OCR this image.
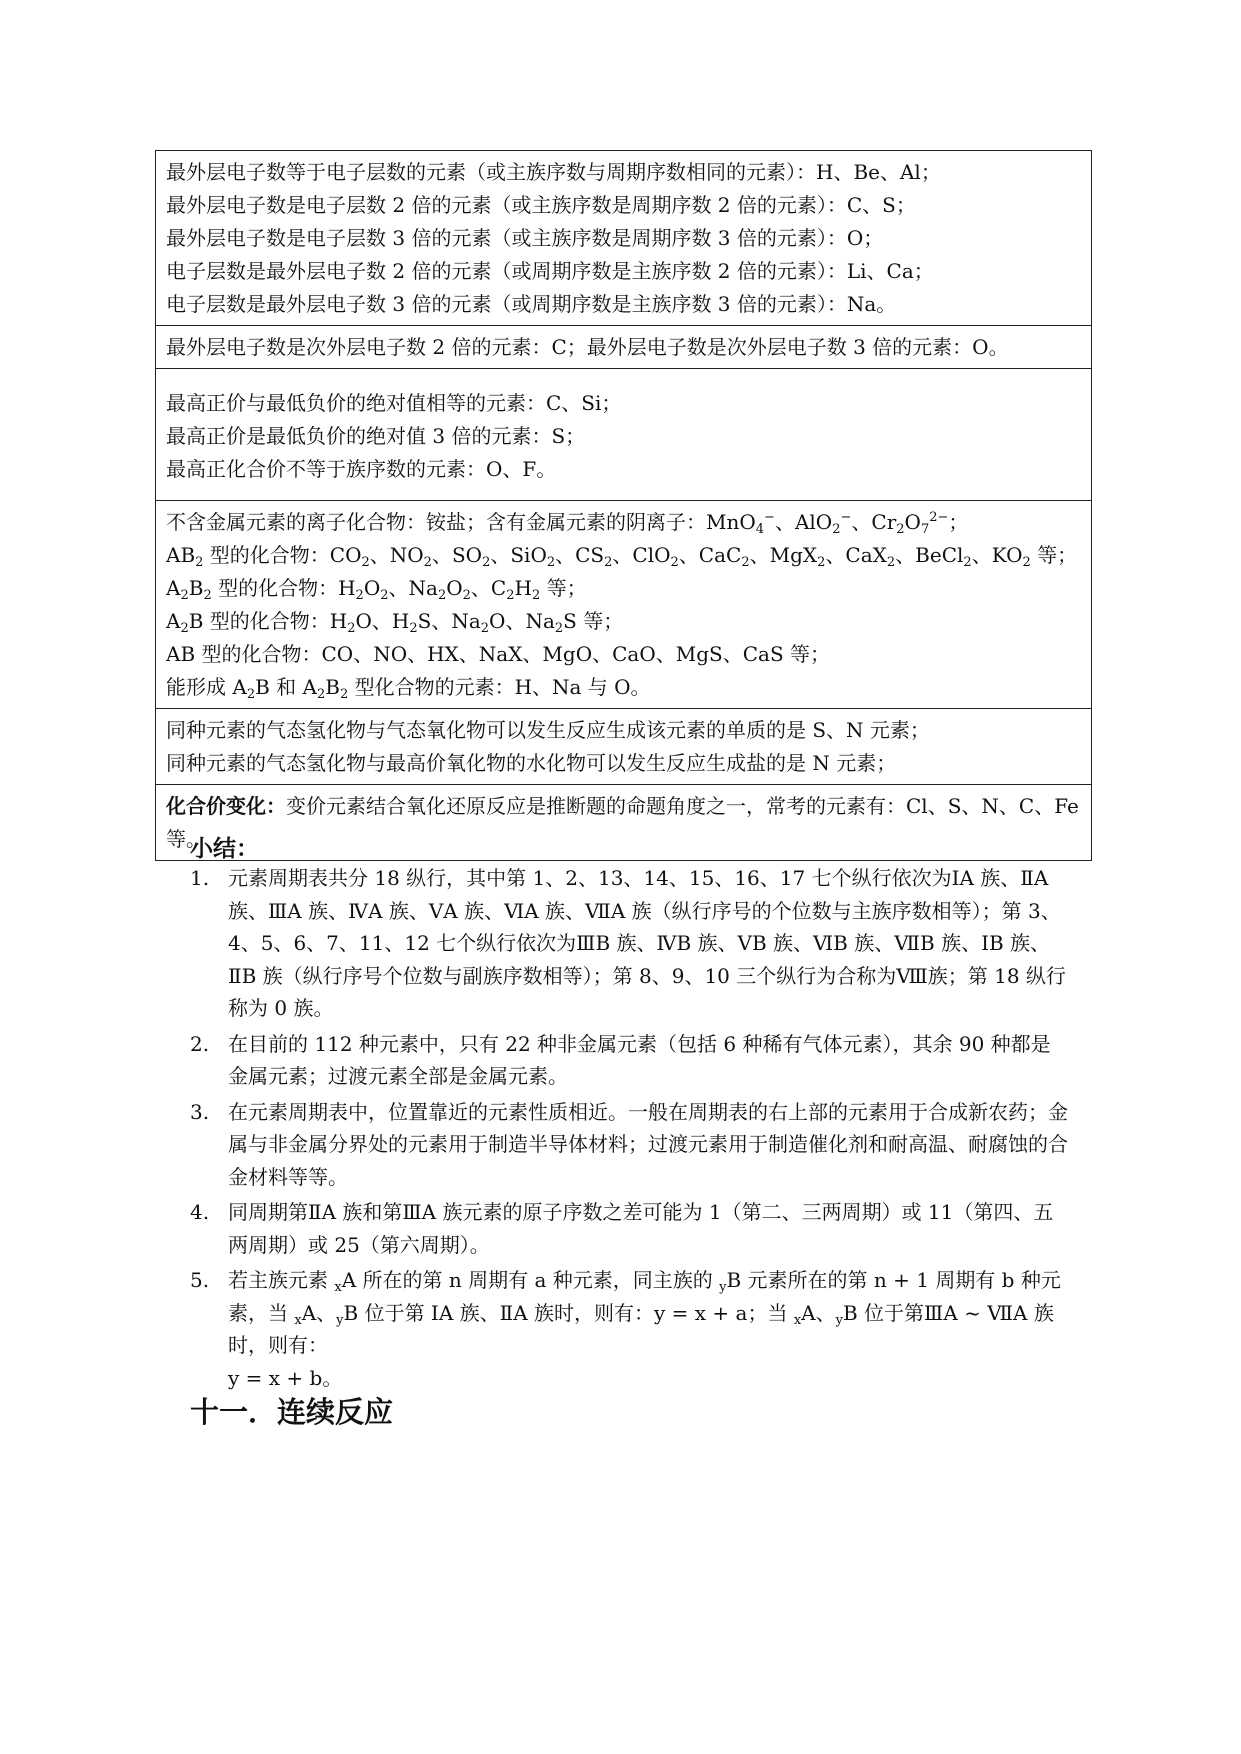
最外层电子数等于电子层数的元素（或主族序数与周期序数相同的元素）：H、Be、Al；
最外层电子数是电子层数 2 倍的元素（或主族序数是周期序数 2 倍的元素）：C、S；
最外层电子数是电子层数 3 倍的元素（或主族序数是周期序数 3 倍的元素）：O；
电子层数是最外层电子数 2 倍的元素（或周期序数是主族序数 2 倍的元素）：Li、Ca；
电子层数是最外层电子数 3 倍的元素（或周期序数是主族序数 3 倍的元素）：Na。

最外层电子数是次外层电子数 2 倍的元素：C；最外层电子数是次外层电子数 3 倍的元素：O。

最高正价与最低负价的绝对值相等的元素：C、Si；
最高正价是最低负价的绝对值 3 倍的元素：S；
最高正化合价不等于族序数的元素：O、F。

不含金属元素的离子化合物：铵盐；含有金属元素的阴离子：MnO$_4$−、AlO$_2$−、$Cr_2O_7^{2-}$；
$AB_2$ 型的化合物：$CO_2$、$NO_2$、$SO_2$、SiO$_2$、$CS_2$、ClO$_2$、CaC$_2$、MgX$_2$、CaX$_2$、BeCl$_2$、$KO_2$ 等；
$A_2B_2$ 型的化合物：$H_2O_2$、$Na_2O_2$、$C_2H_2$ 等；
$A_2B$ 型的化合物：$H_2O$、$H_2S$、$Na_2O$、$Na_2S$ 等；
AB 型的化合物：CO、NO、HX、NaX、MgO、CaO、MgS、CaS 等；
能形成 $A_2B$ 和 $A_2B_2$ 型化合物的元素：H、Na 与 O。

同种元素的气态氢化物与气态氧化物可以发生反应生成该元素的单质的是 S、N 元素；
同种元素的气态氢化物与最高价氧化物的水化物可以发生反应生成盐的是 N 元素；

化合价变化：变价元素结合氧化还原反应是推断题的命题角度之一，常考的元素有：Cl、S、N、C、Fe 等。
小结：
1. 元素周期表共分 18 纵行，其中第 1、2、13、14、15、16、17 七个纵行依次为ⅠA 族、ⅡA 族、ⅢA 族、ⅣA 族、ⅤA 族、ⅥA 族、ⅦA 族（纵行序号的个位数与主族序数相等）；第 3、4、5、6、7、11、12 七个纵行依次为ⅢB 族、ⅣB 族、ⅤB 族、ⅥB 族、ⅦB 族、ⅠB 族、ⅡB 族（纵行序号个位数与副族序数相等）；第 8、9、10 三个纵行为合称为Ⅷ族；第 18 纵行称为 0 族。
2. 在目前的 112 种元素中，只有 22 种非金属元素（包括 6 种稀有气体元素），其余 90 种都是金属元素；过渡元素全部是金属元素。
3. 在元素周期表中，位置靠近的元素性质相近。一般在周期表的右上部的元素用于合成新农药；金属与非金属分界处的元素用于制造半导体材料；过渡元素用于制造催化剂和耐高温、耐腐蚀的合金材料等等。
4. 同周期第ⅡA 族和第ⅢA 族元素的原子序数之差可能为 1（第二、三两周期）或 11（第四、五两周期）或 25（第六周期）。
5. 若主族元素 $_x$A 所在的第 n 周期有 a 种元素，同主族的 $_y$B 元素所在的第 n + 1 周期有 b 种元素，当 $_x$A、$_y$B 位于第 IA 族、ⅡA 族时，则有：y = x + a；当 $_x$A、$_y$B 位于第ⅢA ~ ⅦA 族时，则有：
y = x + b。
十一．连续反应
